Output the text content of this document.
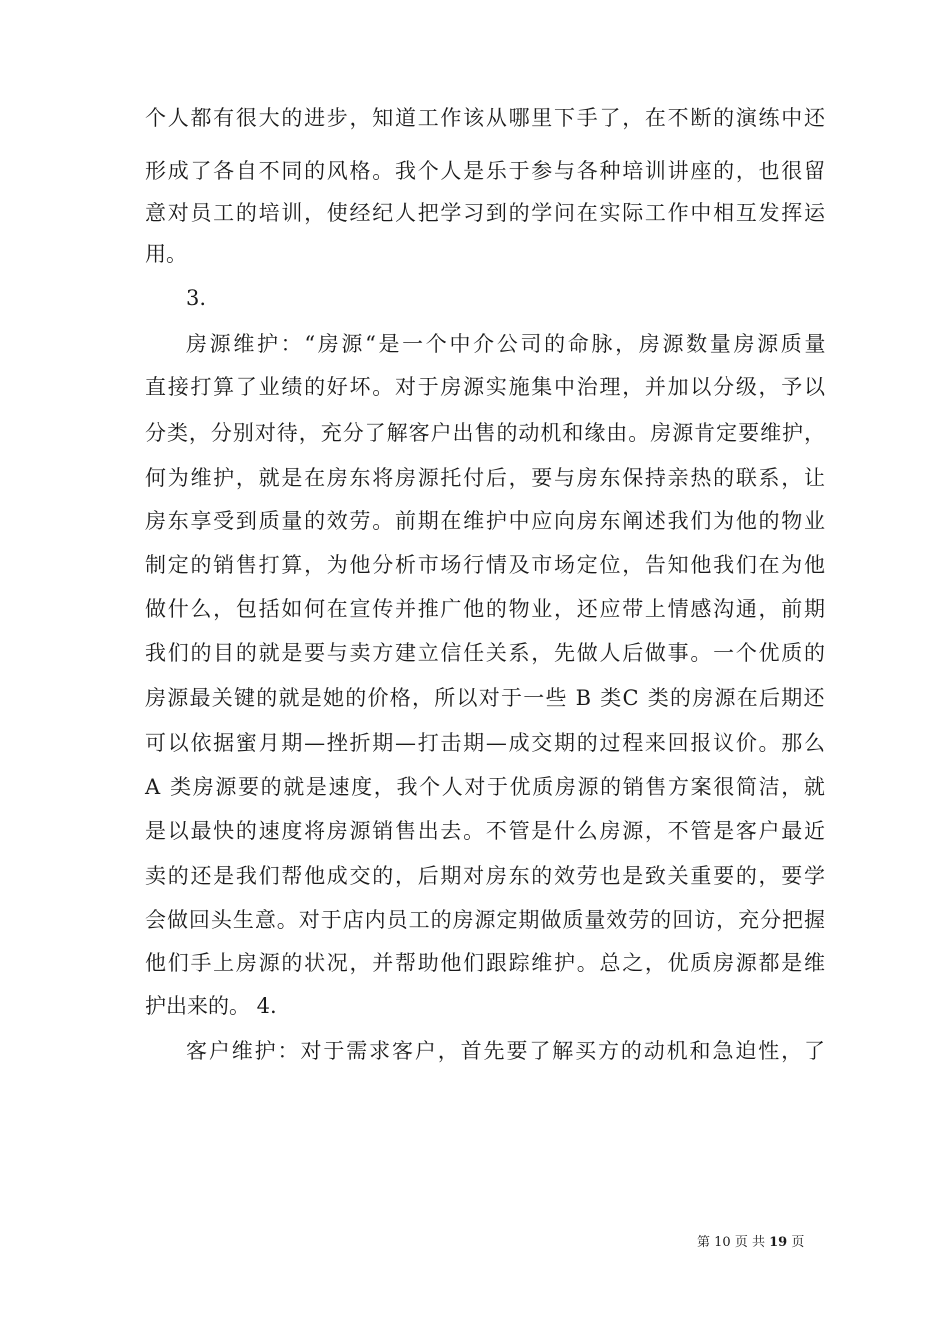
个人都有很大的进步，知道工作该从哪里下手了，在不断的演练中还
形成了各自不同的风格。我个人是乐于参与各种培训讲座的，也很留
意对员工的培训，使经纪人把学习到的学问在实际工作中相互发挥运
用。
3.
房源维护：“房源“是一个中介公司的命脉，房源数量房源质量
直接打算了业绩的好坏。对于房源实施集中治理，并加以分级，予以
分类，分别对待，充分了解客户出售的动机和缘由。房源肯定要维护，
何为维护，就是在房东将房源托付后，要与房东保持亲热的联系，让
房东享受到质量的效劳。前期在维护中应向房东阐述我们为他的物业
制定的销售打算，为他分析市场行情及市场定位，告知他我们在为他
做什么，包括如何在宣传并推广他的物业，还应带上情感沟通，前期
我们的目的就是要与卖方建立信任关系，先做人后做事。一个优质的
房源最关键的就是她的价格，所以对于一些 B 类C 类的房源在后期还
可以依据蜜月期—挫折期—打击期—成交期的过程来回报议价。那么
A 类房源要的就是速度，我个人对于优质房源的销售方案很简洁，就
是以最快的速度将房源销售出去。不管是什么房源，不管是客户最近
卖的还是我们帮他成交的，后期对房东的效劳也是致关重要的，要学
会做回头生意。对于店内员工的房源定期做质量效劳的回访，充分把握
他们手上房源的状况，并帮助他们跟踪维护。总之，优质房源都是维
护出来的。 4.
客户维护：对于需求客户，首先要了解买方的动机和急迫性，了
第 10 页 共 19 页
